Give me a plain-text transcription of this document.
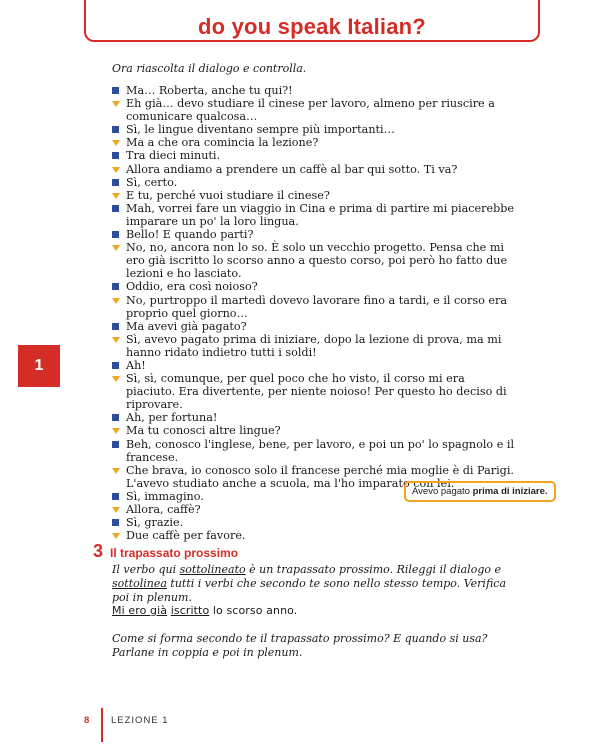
do you speak Italian?
Ora riascolta il dialogo e controlla.
Ma… Roberta, anche tu qui?!
Eh già… devo studiare il cinese per lavoro, almeno per riuscire a comunicare qualcosa…
Sì, le lingue diventano sempre più importanti…
Ma a che ora comincia la lezione?
Tra dieci minuti.
Allora andiamo a prendere un caffè al bar qui sotto. Ti va?
Sì, certo.
E tu, perché vuoi studiare il cinese?
Mah, vorrei fare un viaggio in Cina e prima di partire mi piacerebbe imparare un po' la loro lingua.
Bello! E quando parti?
No, no, ancora non lo so. È solo un vecchio progetto. Pensa che mi ero già iscritto lo scorso anno a questo corso, poi però ho fatto due lezioni e ho lasciato.
Oddio, era così noioso?
No, purtroppo il martedì dovevo lavorare fino a tardi, e il corso era proprio quel giorno…
Ma avevi già pagato?
Sì, avevo pagato prima di iniziare, dopo la lezione di prova, ma mi hanno ridato indietro tutti i soldi!
Ah!
Sì, sì, comunque, per quel poco che ho visto, il corso mi era piaciuto. Era divertente, per niente noioso! Per questo ho deciso di riprovare.
Ah, per fortuna!
Ma tu conosci altre lingue?
Beh, conosco l'inglese, bene, per lavoro, e poi un po' lo spagnolo e il francese.
Che brava, io conosco solo il francese perché mia moglie è di Parigi. L'avevo studiato anche a scuola, ma l'ho imparato con lei.
Sì, immagino.
Allora, caffè?
Sì, grazie.
Due caffè per favore.
1
Avevo pagato prima di iniziare.
3 Il trapassato prossimo
Il verbo qui sottolineato è un trapassato prossimo. Rileggi il dialogo e sottolinea tutti i verbi che secondo te sono nello stesso tempo. Verifica poi in plenum.
Mi ero già iscritto lo scorso anno.
Come si forma secondo te il trapassato prossimo? E quando si usa? Parlane in coppia e poi in plenum.
8 LEZIONE 1
